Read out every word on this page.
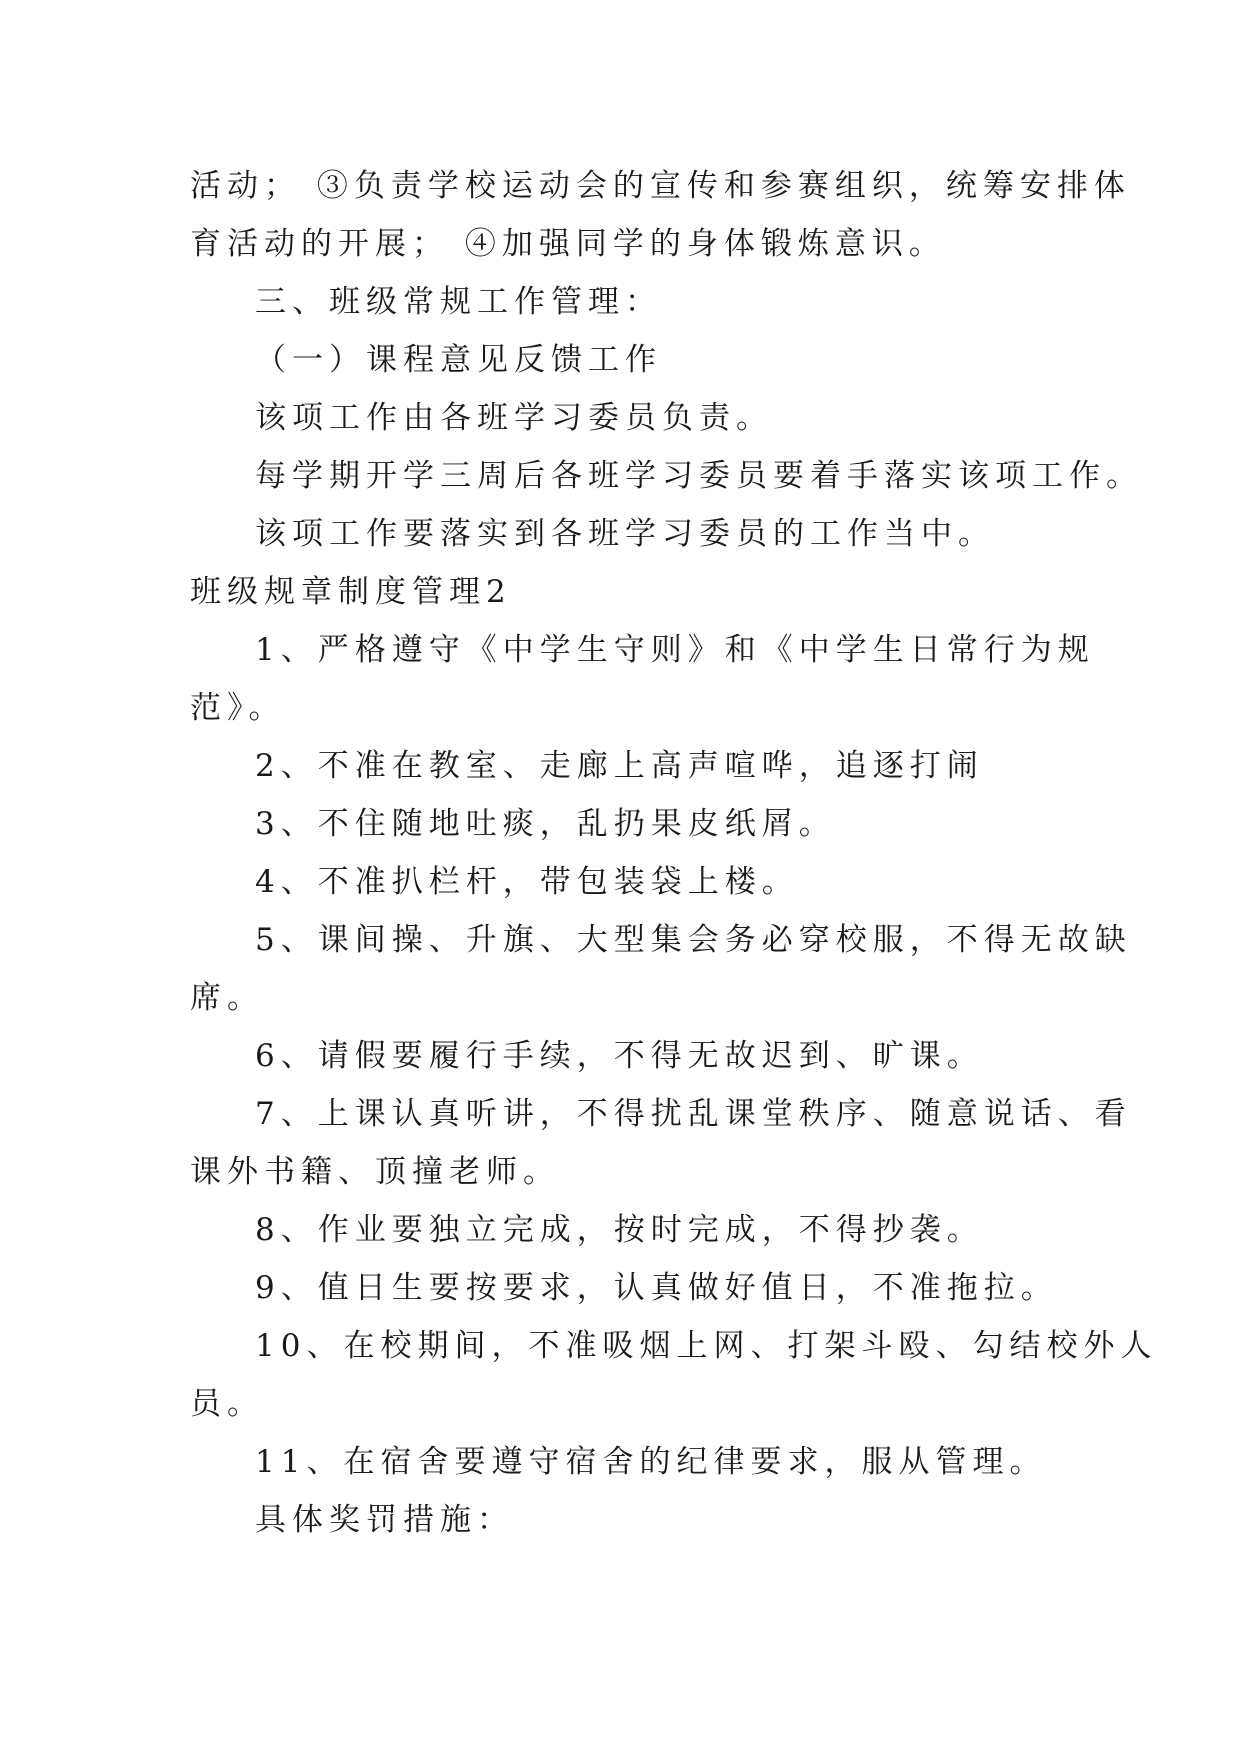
活动； ③负责学校运动会的宣传和参赛组织，统筹安排体
育活动的开展； ④加强同学的身体锻炼意识。
三、班级常规工作管理：
（一）课程意见反馈工作
该项工作由各班学习委员负责。
每学期开学三周后各班学习委员要着手落实该项工作。
该项工作要落实到各班学习委员的工作当中。
班级规章制度管理2
1、严格遵守《中学生守则》和《中学生日常行为规
范》。
2、不准在教室、走廊上高声喧哗，追逐打闹
3、不住随地吐痰，乱扔果皮纸屑。
4、不准扒栏杆，带包装袋上楼。
5、课间操、升旗、大型集会务必穿校服，不得无故缺
席。
6、请假要履行手续，不得无故迟到、旷课。
7、上课认真听讲，不得扰乱课堂秩序、随意说话、看
课外书籍、顶撞老师。
8、作业要独立完成，按时完成，不得抄袭。
9、值日生要按要求，认真做好值日，不准拖拉。
10、在校期间，不准吸烟上网、打架斗殴、勾结校外人
员。
11、在宿舍要遵守宿舍的纪律要求，服从管理。
具体奖罚措施：
